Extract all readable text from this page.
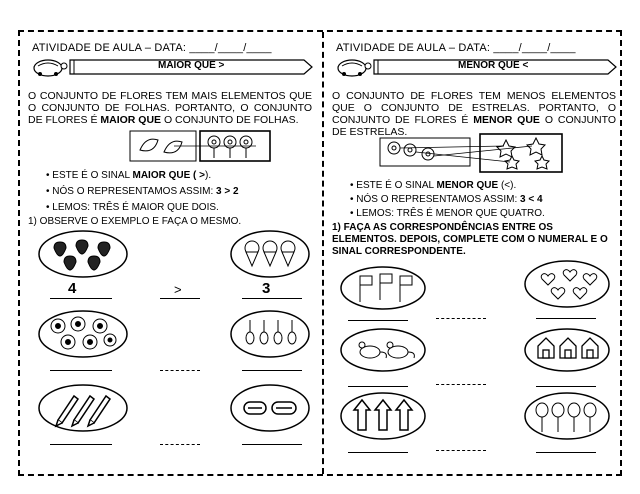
ATIVIDADE DE AULA – DATA: ____/____/____
MAIOR QUE >
O CONJUNTO DE FLORES TEM MAIS ELEMENTOS QUE O CONJUNTO DE FOLHAS. PORTANTO, O CONJUNTO DE FLORES É MAIOR QUE O CONJUNTO DE FOLHAS.
• ESTE É O SINAL MAIOR QUE ( >).
• NÓS O REPRESENTAMOS ASSIM: 3 > 2
• LEMOS: TRÊS É MAIOR QUE DOIS.
1) OBSERVE O EXEMPLO E FAÇA O MESMO.
4	>	3
ATIVIDADE DE AULA – DATA: ____/____/____
MENOR QUE <
O CONJUNTO DE FLORES TEM MENOS ELEMENTOS QUE O CONJUNTO DE ESTRELAS. PORTANTO, O CONJUNTO DE FLORES É MENOR QUE O CONJUNTO DE ESTRELAS.
• ESTE É O SINAL MENOR QUE (<).
• NÓS O REPRESENTAMOS ASSIM: 3 < 4
• LEMOS: TRÊS É MENOR QUE QUATRO.
1) FAÇA AS CORRESPONDÊNCIAS ENTRE OS ELEMENTOS. DEPOIS, COMPLETE COM O NUMERAL E O SINAL CORRESPONDENTE.
